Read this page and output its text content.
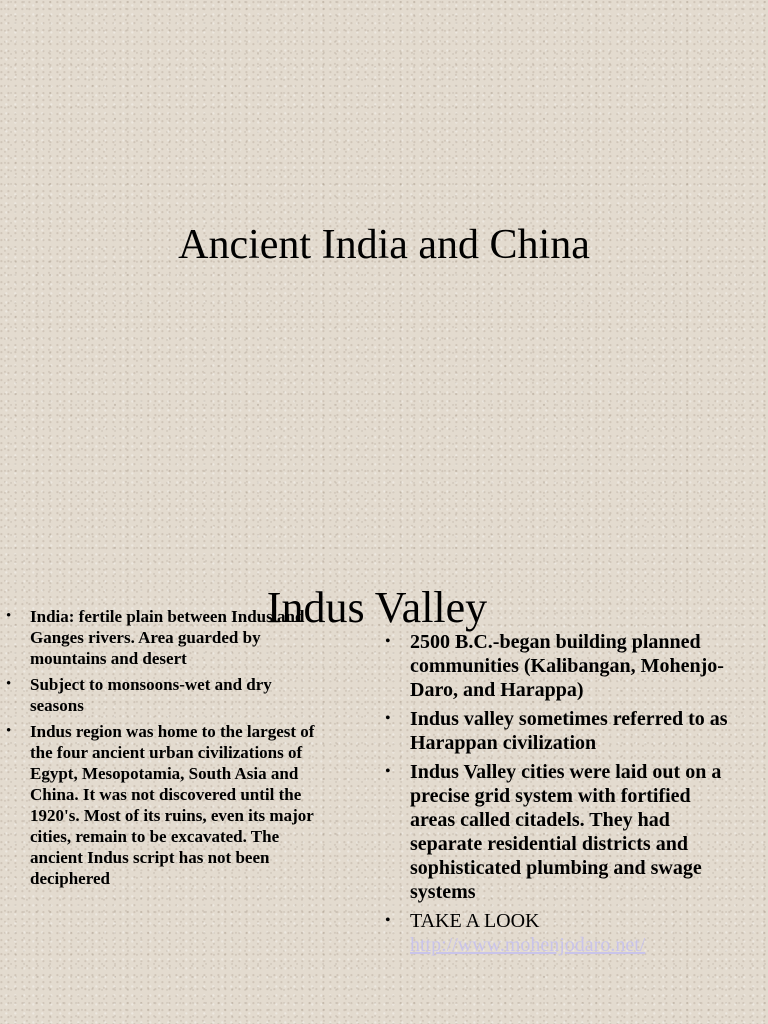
Ancient India and China
• India: fertile plain between Indus and Ganges rivers. Area guarded by mountains and desert
• Subject to monsoons-wet and dry seasons
• Indus region was home to the largest of the four ancient urban civilizations of Egypt, Mesopotamia, South Asia and China. It was not discovered until the 1920's. Most of its ruins, even its major cities, remain to be excavated. The ancient Indus script has not been deciphered
• 2500 B.C.-began building planned communities (Kalibangan, Mohenjo-Daro, and Harappa)
• Indus valley sometimes referred to as Harappan civilization
• Indus Valley cities were laid out on a precise grid system with fortified areas called citadels. They had separate residential districts and sophisticated plumbing and swage systems
• TAKE A LOOK
http://www.mohenjodaro.net/
Indus Valley
